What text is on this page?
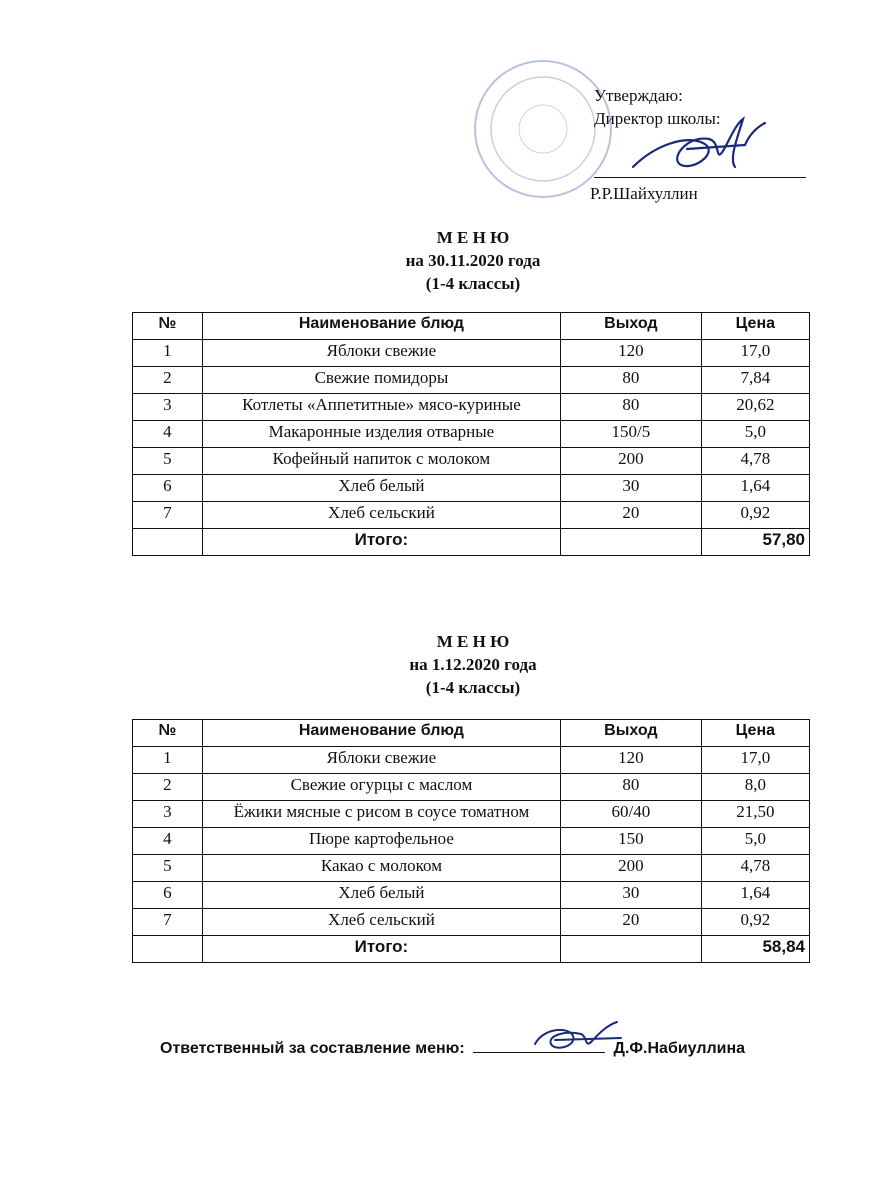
Утверждаю:
Директор школы:
Р.Р.Шайхуллин
М Е Н Ю
на 30.11.2020 года
(1-4 классы)
№	Наименование блюд	Выход	Цена
1	Яблоки свежие	120	17,0
2	Свежие помидоры	80	7,84
3	Котлеты «Аппетитные» мясо-куриные	80	20,62
4	Макаронные изделия отварные	150/5	5,0
5	Кофейный напиток с молоком	200	4,78
6	Хлеб белый	30	1,64
7	Хлеб сельский	20	0,92
	Итого:		57,80
М Е Н Ю
на 1.12.2020 года
(1-4 классы)
№	Наименование блюд	Выход	Цена
1	Яблоки свежие	120	17,0
2	Свежие огурцы с маслом	80	8,0
3	Ёжики мясные с рисом в соусе томатном	60/40	21,50
4	Пюре картофельное	150	5,0
5	Какао с молоком	200	4,78
6	Хлеб белый	30	1,64
7	Хлеб сельский	20	0,92
	Итого:		58,84
Ответственный за составление меню:	Д.Ф.Набиуллина
